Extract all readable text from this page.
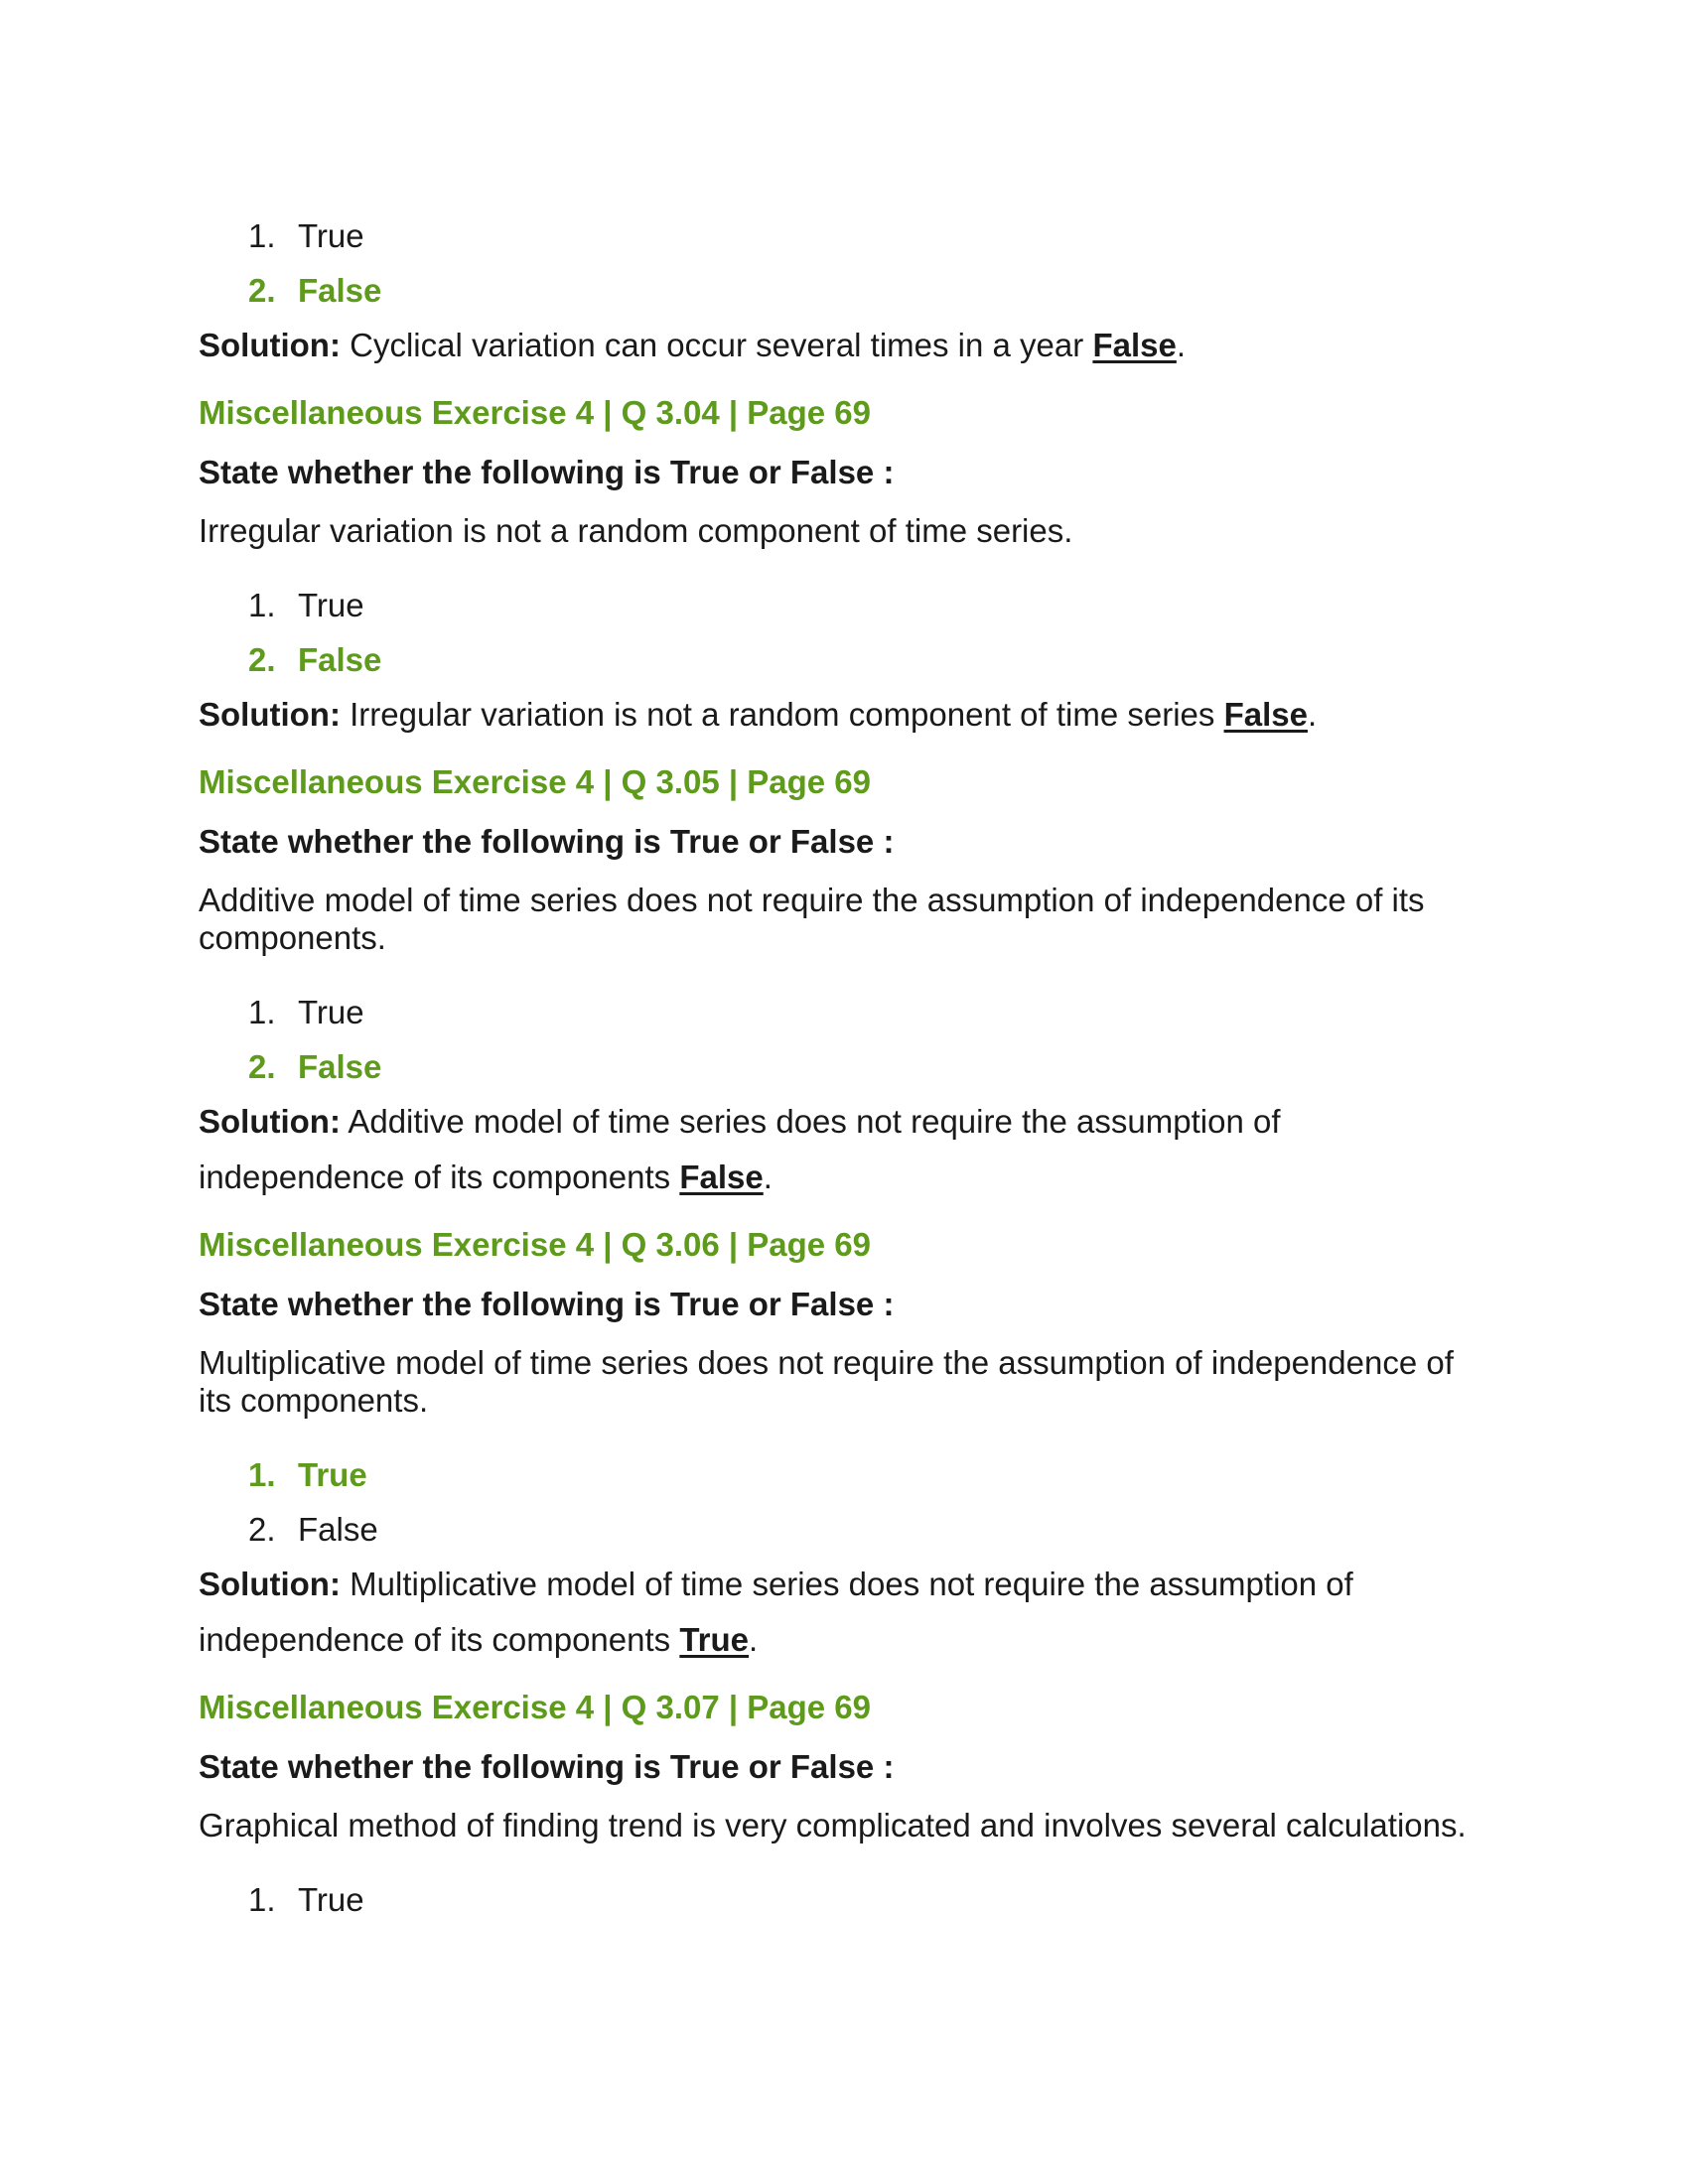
1. True
2. False

Solution: Cyclical variation can occur several times in a year False.

Miscellaneous Exercise 4 | Q 3.04 | Page 69
State whether the following is True or False :
Irregular variation is not a random component of time series.
1. True
2. False

Solution: Irregular variation is not a random component of time series False.

Miscellaneous Exercise 4 | Q 3.05 | Page 69
State whether the following is True or False :
Additive model of time series does not require the assumption of independence of its components.
1. True
2. False

Solution: Additive model of time series does not require the assumption of
independence of its components False.

Miscellaneous Exercise 4 | Q 3.06 | Page 69
State whether the following is True or False :
Multiplicative model of time series does not require the assumption of independence of its components.
1. True
2. False

Solution: Multiplicative model of time series does not require the assumption of
independence of its components True.

Miscellaneous Exercise 4 | Q 3.07 | Page 69
State whether the following is True or False :
Graphical method of finding trend is very complicated and involves several calculations.
1. True
